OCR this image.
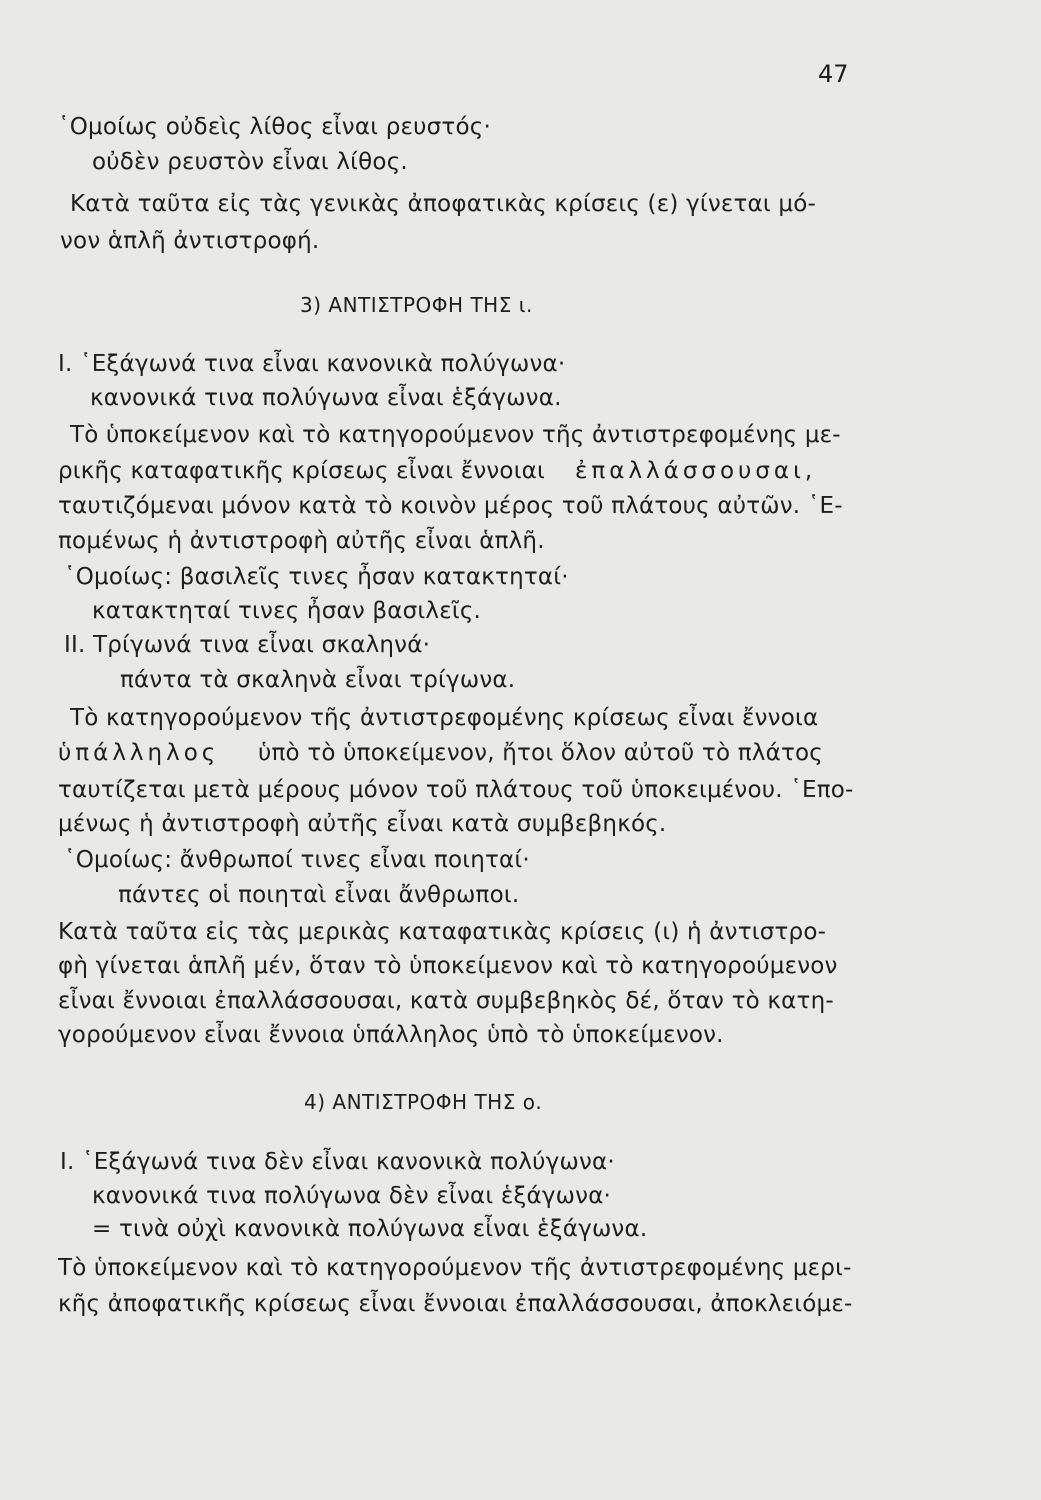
47
῾Ομοίως οὐδεὶς λίθος εἶναι ρευστός·
οὐδὲν ρευστὸν εἶναι λίθος.
Κατὰ ταῦτα εἰς τὰς γενικὰς ἀποφατικὰς κρίσεις (ε) γίνεται μό-
νον ἁπλῆ ἀντιστροφή.
3) ΑΝΤΙΣΤΡΟΦΗ ΤΗΣ ι.
Ι. ῾Εξάγωνά τινα εἶναι κανονικὰ πολύγωνα·
κανονικά τινα πολύγωνα εἶναι ἑξάγωνα.
Τὸ ὑποκείμενον καὶ τὸ κατηγορούμενον τῆς ἀντιστρεφομένης με-
ρικῆς καταφατικῆς κρίσεως εἶναι ἔννοιαι ἐπαλλάσσουσαι,
ταυτιζόμεναι μόνον κατὰ τὸ κοινὸν μέρος τοῦ πλάτους αὐτῶν. ῾Ε-
πομένως ἡ ἀντιστροφὴ αὐτῆς εἶναι ἁπλῆ.
῾Ομοίως: βασιλεῖς τινες ἦσαν κατακτηταί·
κατακτηταί τινες ἦσαν βασιλεῖς.
ΙΙ. Τρίγωνά τινα εἶναι σκαληνά·
πάντα τὰ σκαληνὰ εἶναι τρίγωνα.
Τὸ κατηγορούμενον τῆς ἀντιστρεφομένης κρίσεως εἶναι ἔννοια
ὑπάλληλος ὑπὸ τὸ ὑποκείμενον, ἤτοι ὅλον αὐτοῦ τὸ πλάτος
ταυτίζεται μετὰ μέρους μόνον τοῦ πλάτους τοῦ ὑποκειμένου. ῾Επο-
μένως ἡ ἀντιστροφὴ αὐτῆς εἶναι κατὰ συμβεβηκός.
῾Ομοίως: ἄνθρωποί τινες εἶναι ποιηταί·
πάντες οἱ ποιηταὶ εἶναι ἄνθρωποι.
Κατὰ ταῦτα εἰς τὰς μερικὰς καταφατικὰς κρίσεις (ι) ἡ ἀντιστρο-
φὴ γίνεται ἁπλῆ μέν, ὅταν τὸ ὑποκείμενον καὶ τὸ κατηγορούμενον
εἶναι ἔννοιαι ἐπαλλάσσουσαι, κατὰ συμβεβηκὸς δέ, ὅταν τὸ κατη-
γορούμενον εἶναι ἔννοια ὑπάλληλος ὑπὸ τὸ ὑποκείμενον.
4) ΑΝΤΙΣΤΡΟΦΗ ΤΗΣ ο.
Ι. ῾Εξάγωνά τινα δὲν εἶναι κανονικὰ πολύγωνα·
κανονικά τινα πολύγωνα δὲν εἶναι ἑξάγωνα·
= τινὰ οὐχὶ κανονικὰ πολύγωνα εἶναι ἑξάγωνα.
Τὸ ὑποκείμενον καὶ τὸ κατηγορούμενον τῆς ἀντιστρεφομένης μερι-
κῆς ἀποφατικῆς κρίσεως εἶναι ἔννοιαι ἐπαλλάσσουσαι, ἀποκλειόμε-
